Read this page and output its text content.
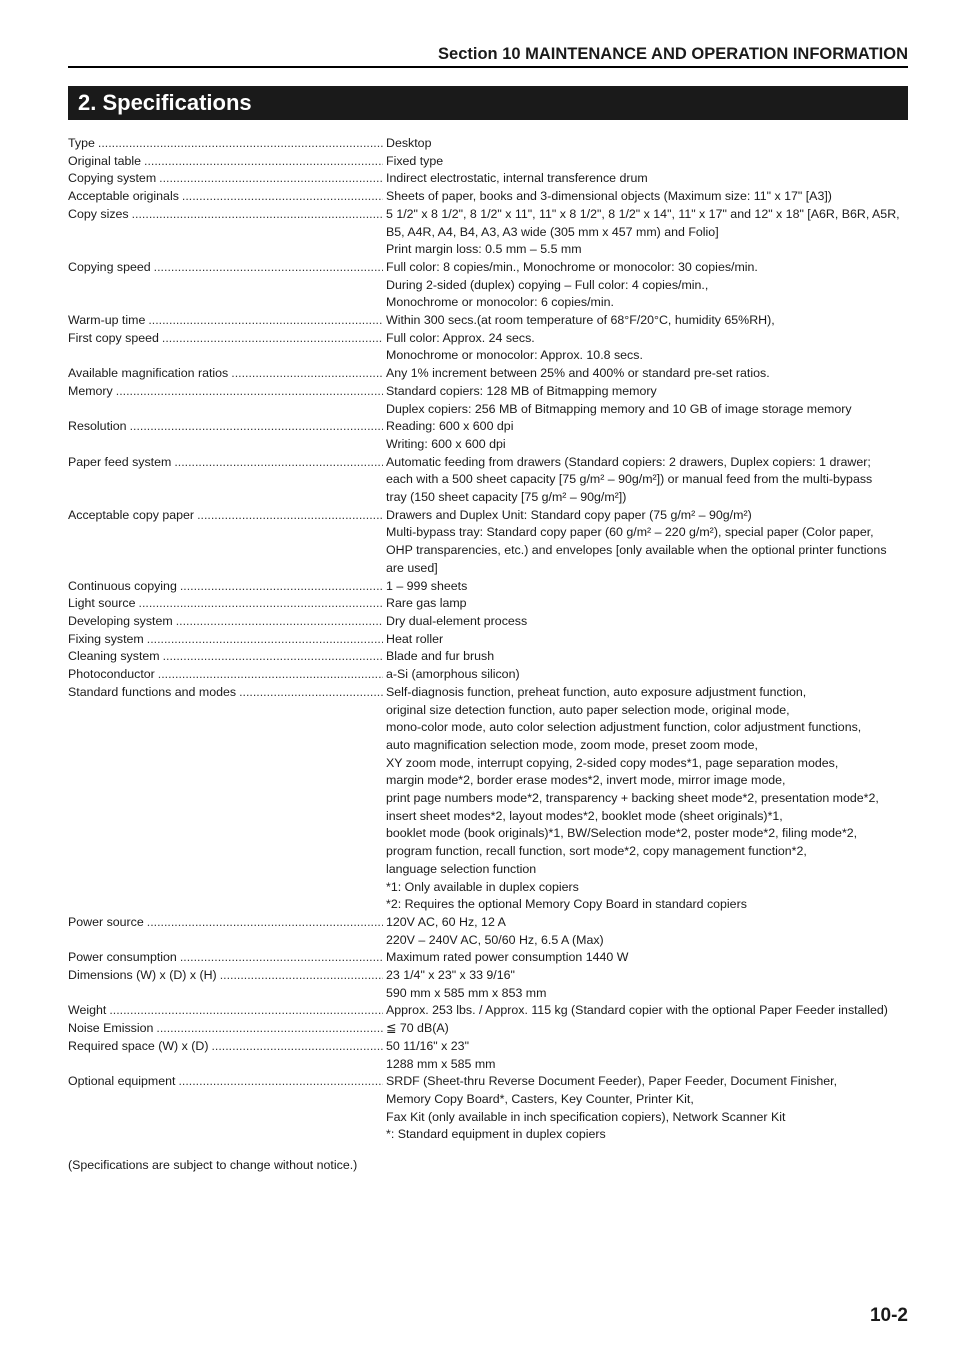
Section 10 MAINTENANCE AND OPERATION INFORMATION
2. Specifications
Type .....	Desktop
Original table .....	Fixed type
Copying system .....	Indirect electrostatic, internal transference drum
Acceptable originals .....	Sheets of paper, books and 3-dimensional objects (Maximum size: 11" x 17" [A3])
Copy sizes .....	5 1/2" x 8 1/2", 8 1/2" x 11", 11" x 8 1/2", 8 1/2" x 14", 11" x 17" and 12" x 18" [A6R, B6R, A5R,
B5, A4R, A4, B4, A3, A3 wide (305 mm x 457 mm) and Folio]
Print margin loss: 0.5 mm – 5.5 mm
Copying speed .....	Full color: 8 copies/min., Monochrome or monocolor: 30 copies/min.
During 2-sided (duplex) copying – Full color: 4 copies/min.,
Monochrome or monocolor: 6 copies/min.
Warm-up time .....	Within 300 secs.(at room temperature of 68°F/20°C, humidity 65%RH),
First copy speed .....	Full color: Approx. 24 secs.
Monochrome or monocolor: Approx. 10.8 secs.
Available magnification ratios .....	Any 1% increment between 25% and 400% or standard pre-set ratios.
Memory .....	Standard copiers: 128 MB of Bitmapping memory
Duplex copiers: 256 MB of Bitmapping memory and 10 GB of image storage memory
Resolution .....	Reading: 600 x 600 dpi
Writing: 600 x 600 dpi
Paper feed system .....	Automatic feeding from drawers (Standard copiers: 2 drawers, Duplex copiers: 1 drawer;
each with a 500 sheet capacity [75 g/m² – 90g/m²]) or manual feed from the multi-bypass
tray (150 sheet capacity [75 g/m² – 90g/m²])
Acceptable copy paper .....	Drawers and Duplex Unit: Standard copy paper (75 g/m² – 90g/m²)
Multi-bypass tray: Standard copy paper (60 g/m² – 220 g/m²), special paper (Color paper,
OHP transparencies, etc.) and envelopes [only available when the optional printer functions
are used]
Continuous copying .....	1 – 999 sheets
Light source .....	Rare gas lamp
Developing system .....	Dry dual-element process
Fixing system .....	Heat roller
Cleaning system .....	Blade and fur brush
Photoconductor .....	a-Si (amorphous silicon)
Standard functions and modes .....	Self-diagnosis function, preheat function, auto exposure adjustment function,
original size detection function, auto paper selection mode, original mode,
mono-color mode, auto color selection adjustment function, color adjustment functions,
auto magnification selection mode, zoom mode, preset zoom mode,
XY zoom mode, interrupt copying, 2-sided copy modes*1, page separation modes,
margin mode*2, border erase modes*2, invert mode, mirror image mode,
print page numbers mode*2, transparency + backing sheet mode*2, presentation mode*2,
insert sheet modes*2, layout modes*2, booklet mode (sheet originals)*1,
booklet mode (book originals)*1, BW/Selection mode*2, poster mode*2, filing mode*2,
program function, recall function, sort mode*2, copy management function*2,
language selection function
*1: Only available in duplex copiers
*2: Requires the optional Memory Copy Board in standard copiers
Power source .....	120V AC, 60 Hz, 12 A
220V – 240V AC, 50/60 Hz, 6.5 A (Max)
Power consumption .....	Maximum rated power consumption 1440 W
Dimensions (W) x (D) x (H) .....	23 1/4" x 23" x 33 9/16"
590 mm x 585 mm x 853 mm
Weight .....	Approx. 253 lbs. / Approx. 115 kg (Standard copier with the optional Paper Feeder installed)
Noise Emission .....	≦ 70 dB(A)
Required space (W) x (D) .....	50 11/16" x 23"
1288 mm x 585 mm
Optional equipment .....	SRDF (Sheet-thru Reverse Document Feeder), Paper Feeder, Document Finisher,
Memory Copy Board*, Casters, Key Counter, Printer Kit,
Fax Kit (only available in inch specification copiers), Network Scanner Kit
*: Standard equipment in duplex copiers
(Specifications are subject to change without notice.)
10-2
